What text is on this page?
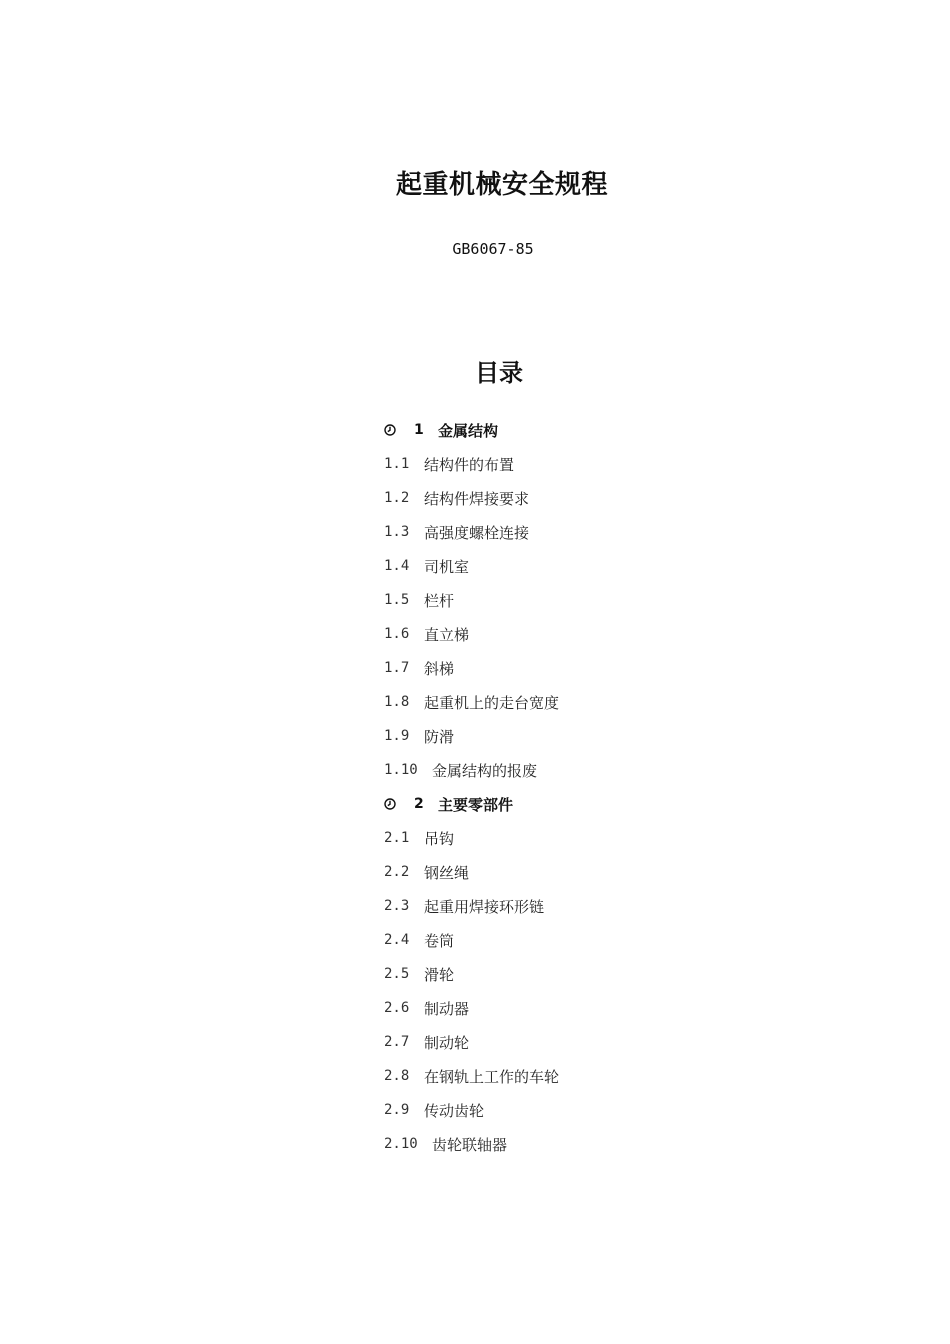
起重机械安全规程
GB6067-85
目录
1 金属结构
1.1 结构件的布置
1.2 结构件焊接要求
1.3 高强度螺栓连接
1.4 司机室
1.5 栏杆
1.6 直立梯
1.7 斜梯
1.8 起重机上的走台宽度
1.9 防滑
1.10 金属结构的报废
2 主要零部件
2.1 吊钩
2.2 钢丝绳
2.3 起重用焊接环形链
2.4 卷筒
2.5 滑轮
2.6 制动器
2.7 制动轮
2.8 在钢轨上工作的车轮
2.9 传动齿轮
2.10 齿轮联轴器
